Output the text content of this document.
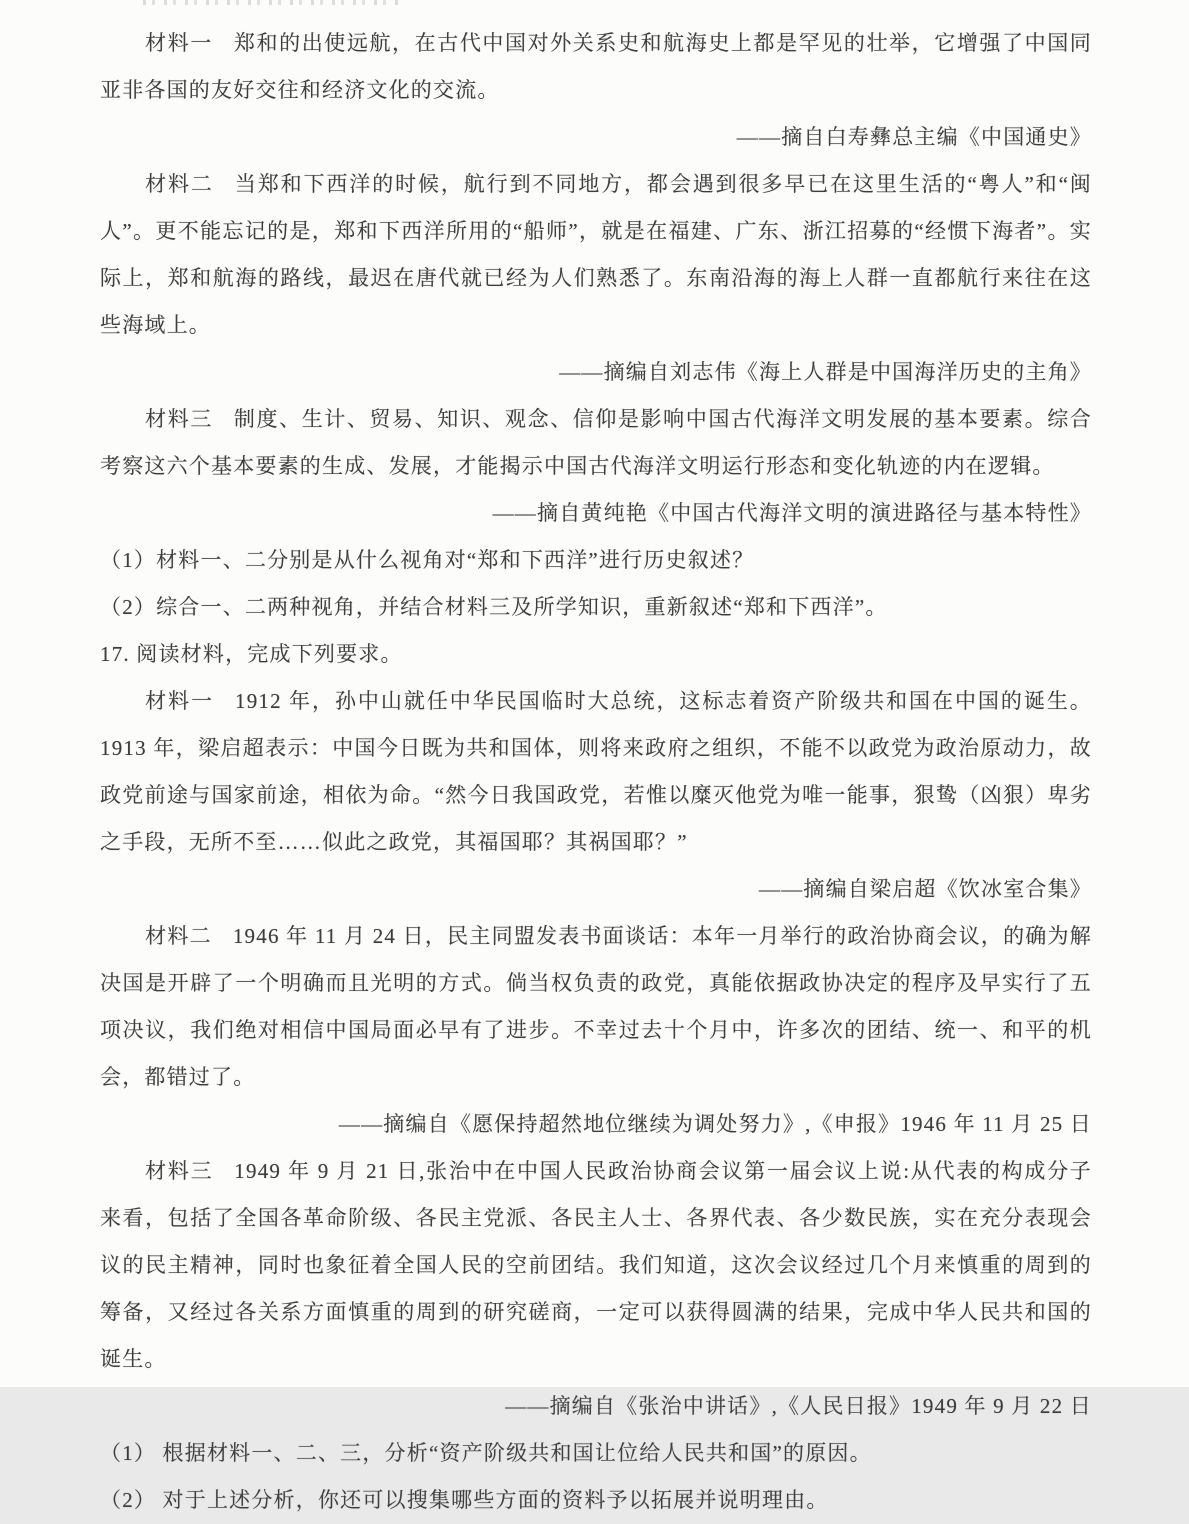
材料一 郑和的出使远航，在古代中国对外关系史和航海史上都是罕见的壮举，它增强了中国同亚非各国的友好交往和经济文化的交流。

——摘自白寿彝总主编《中国通史》

材料二 当郑和下西洋的时候，航行到不同地方，都会遇到很多早已在这里生活的“粤人”和“闽人”。更不能忘记的是，郑和下西洋所用的“船师”，就是在福建、广东、浙江招募的“经惯下海者”。实际上，郑和航海的路线，最迟在唐代就已经为人们熟悉了。东南沿海的海上人群一直都航行来往在这些海域上。

——摘编自刘志伟《海上人群是中国海洋历史的主角》

材料三 制度、生计、贸易、知识、观念、信仰是影响中国古代海洋文明发展的基本要素。综合考察这六个基本要素的生成、发展，才能揭示中国古代海洋文明运行形态和变化轨迹的内在逻辑。

——摘自黄纯艳《中国古代海洋文明的演进路径与基本特性》

（1）材料一、二分别是从什么视角对“郑和下西洋”进行历史叙述？

（2）综合一、二两种视角，并结合材料三及所学知识，重新叙述“郑和下西洋”。

17. 阅读材料，完成下列要求。

材料一 1912 年，孙中山就任中华民国临时大总统，这标志着资产阶级共和国在中国的诞生。1913 年，梁启超表示：中国今日既为共和国体，则将来政府之组织，不能不以政党为政治原动力，故政党前途与国家前途，相依为命。“然今日我国政党，若惟以糜灭他党为唯一能事，狠鸷（凶狠）卑劣之手段，无所不至……似此之政党，其福国耶？其祸国耶？”

——摘编自梁启超《饮冰室合集》

材料二 1946 年 11 月 24 日，民主同盟发表书面谈话：本年一月举行的政治协商会议，的确为解决国是开辟了一个明确而且光明的方式。倘当权负责的政党，真能依据政协决定的程序及早实行了五项决议，我们绝对相信中国局面必早有了进步。不幸过去十个月中，许多次的团结、统一、和平的机会，都错过了。

——摘编自《愿保持超然地位继续为调处努力》,《申报》1946 年 11 月 25 日

材料三 1949 年 9 月 21 日,张治中在中国人民政治协商会议第一届会议上说:从代表的构成分子来看，包括了全国各革命阶级、各民主党派、各民主人士、各界代表、各少数民族，实在充分表现会议的民主精神，同时也象征着全国人民的空前团结。我们知道，这次会议经过几个月来慎重的周到的筹备，又经过各关系方面慎重的周到的研究磋商，一定可以获得圆满的结果，完成中华人民共和国的诞生。

——摘编自《张治中讲话》,《人民日报》1949 年 9 月 22 日

（1） 根据材料一、二、三，分析“资产阶级共和国让位给人民共和国”的原因。

（2） 对于上述分析，你还可以搜集哪些方面的资料予以拓展并说明理由。
